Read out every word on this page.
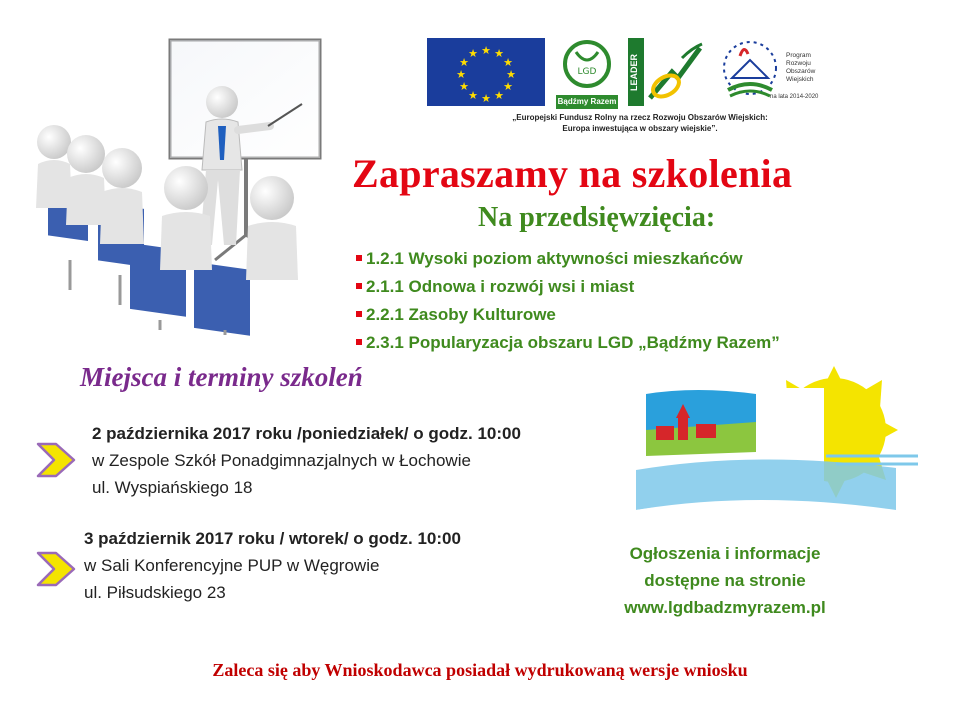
★ ★
★
★
★
★
★
★
★
★
★
★
LGD
Bądźmy Razem
LEADER	Program
Rozwoju
Obszarów
Wiejskich
na lata 2014-2020
„Europejski Fundusz Rolny na rzecz Rozwoju Obszarów Wiejskich:
Europa inwestująca w obszary wiejskie”.
Zapraszamy na szkolenia
Na przedsięwzięcia:
1.2.1 Wysoki poziom aktywności mieszkańców
2.1.1 Odnowa i rozwój wsi i miast
2.2.1 Zasoby Kulturowe
2.3.1 Popularyzacja obszaru LGD „Bądźmy Razem”
Miejsca i terminy szkoleń
2 października 2017 roku /poniedziałek/ o godz. 10:00
w Zespole Szkół Ponadgimnazjalnych w Łochowie
ul. Wyspiańskiego 18
3 październik 2017 roku / wtorek/ o godz. 10:00
w Sali Konferencyjne PUP w Węgrowie
ul. Piłsudskiego 23
Ogłoszenia i informacje
dostępne na stronie
www.lgdbadzmyrazem.pl
Zaleca się aby Wnioskodawca posiadał wydrukowaną wersje wniosku
